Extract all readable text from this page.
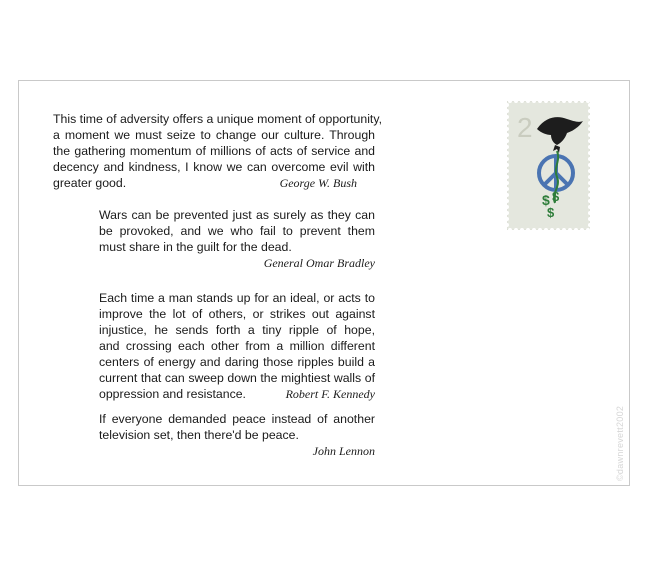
This time of adversity offers a unique moment of opportunity,
a moment we must seize to change our culture. Through
the gathering momentum of millions of acts of service and
decency and kindness, I know we can overcome evil with
greater good.	George W. Bush
Wars can be prevented just as surely as they can
be provoked, and we who fail to prevent them
must share in the guilt for the dead.
General Omar Bradley
Each time a man stands up for an ideal, or acts to
improve the lot of others, or strikes out against
injustice, he sends forth a tiny ripple of hope,
and crossing each other from a million different
centers of energy and daring those ripples build a
current that can sweep down the mightiest walls of
oppression and resistance.	Robert F. Kennedy
If everyone demanded peace instead of another
television set, then there'd be peace.
John Lennon
2
$ $
$
©dawnrevett2002
